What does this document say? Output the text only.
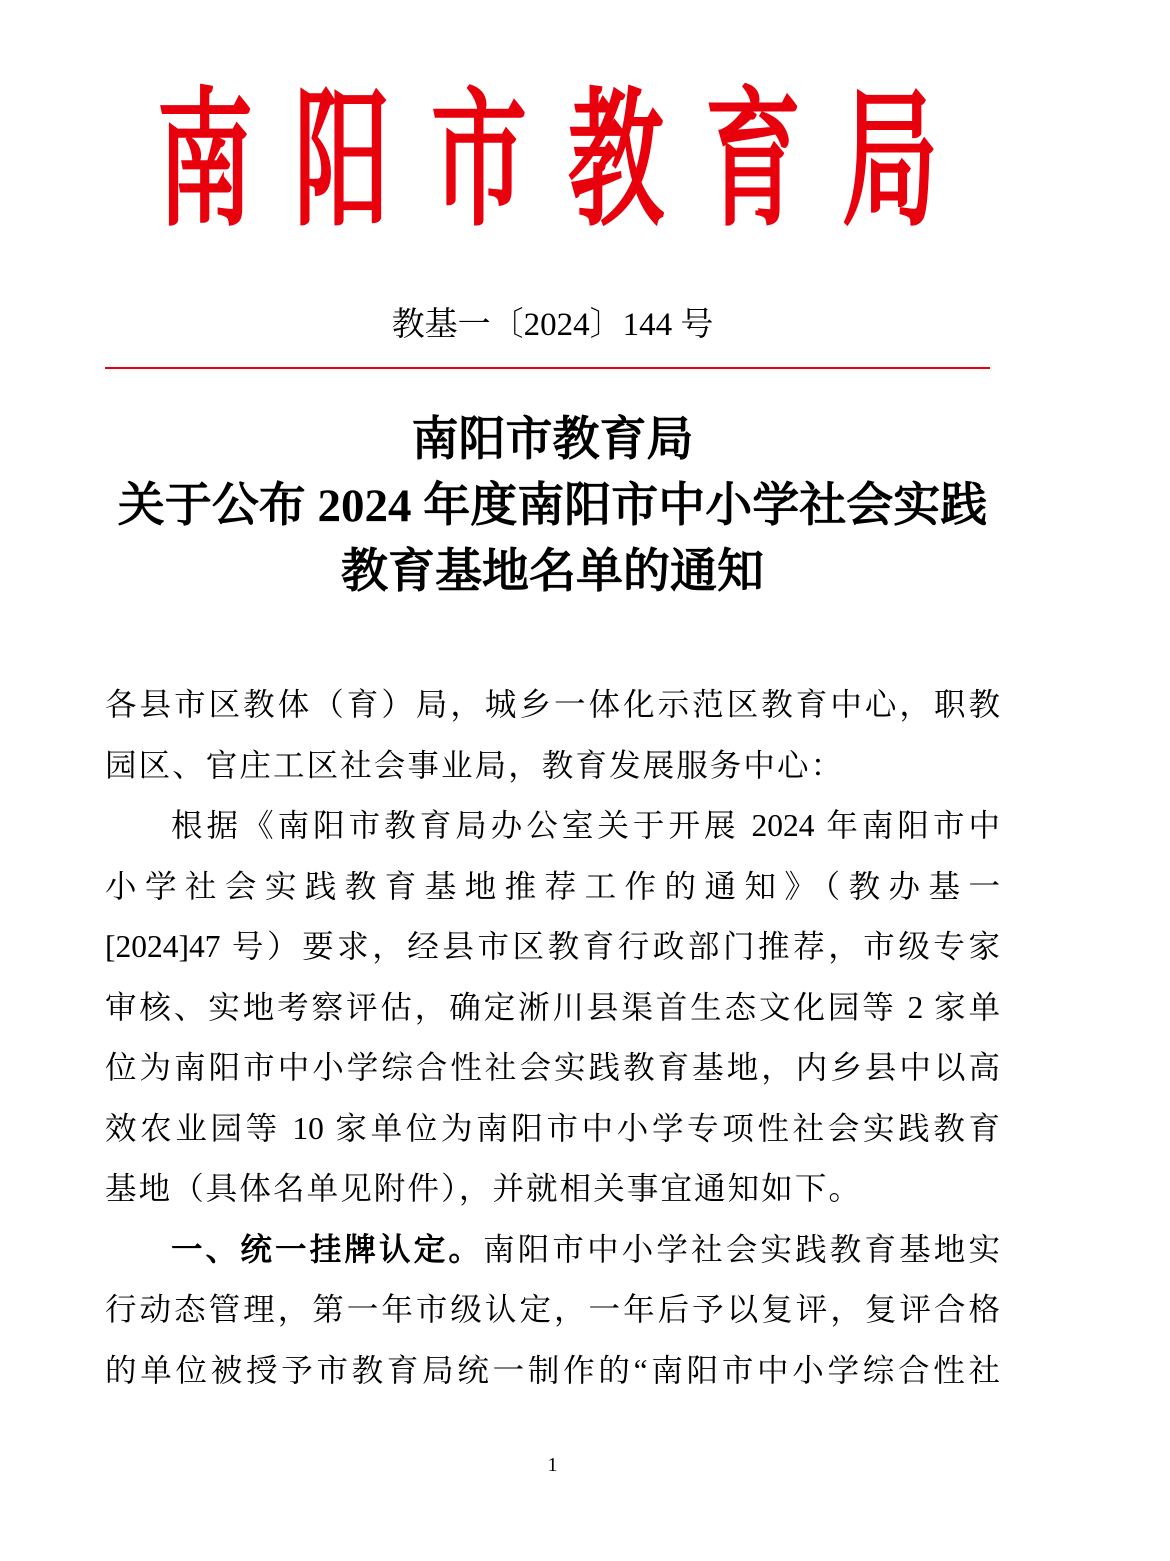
南阳市教育局
教基一〔2024〕144 号
南阳市教育局
关于公布 2024 年度南阳市中小学社会实践
教育基地名单的通知
各县市区教体（育）局，城乡一体化示范区教育中心，职教
园区、官庄工区社会事业局，教育发展服务中心：
根据《南阳市教育局办公室关于开展 2024 年南阳市中
小学社会实践教育基地推荐工作的通知》（教办基一
[2024]47 号）要求，经县市区教育行政部门推荐，市级专家
审核、实地考察评估，确定淅川县渠首生态文化园等 2 家单
位为南阳市中小学综合性社会实践教育基地，内乡县中以高
效农业园等 10 家单位为南阳市中小学专项性社会实践教育
基地（具体名单见附件），并就相关事宜通知如下。
一、统一挂牌认定。南阳市中小学社会实践教育基地实
行动态管理，第一年市级认定，一年后予以复评，复评合格
的单位被授予市教育局统一制作的“南阳市中小学综合性社
1
